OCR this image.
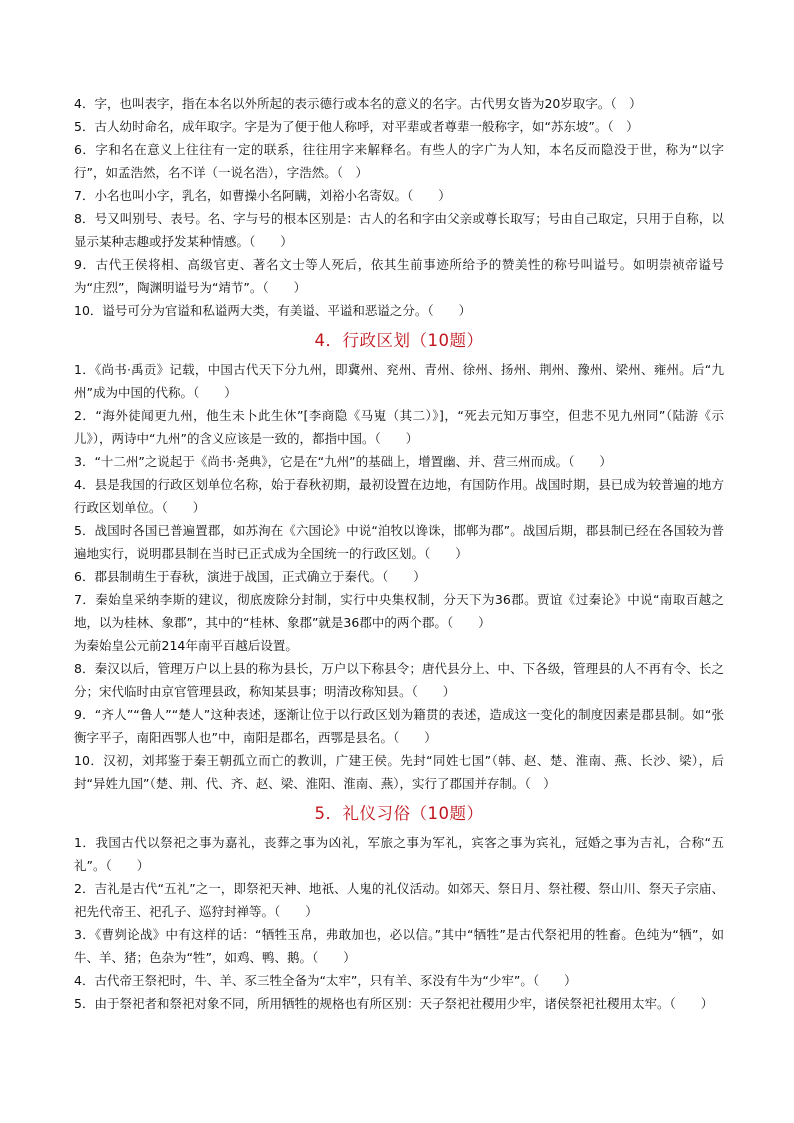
4．字，也叫表字，指在本名以外所起的表示德行或本名的意义的名字。古代男女皆为20岁取字。（　）

5．古人幼时命名，成年取字。字是为了便于他人称呼，对平辈或者尊辈一般称字，如“苏东坡”。（　）

6．字和名在意义上往往有一定的联系，往往用字来解释名。有些人的字广为人知，本名反而隐没于世，称为“以字行”，如孟浩然，名不详（一说名浩），字浩然。（　）

7．小名也叫小字，乳名，如曹操小名阿瞒，刘裕小名寄奴。（　　）

8．号又叫别号、表号。名、字与号的根本区别是：古人的名和字由父亲或尊长取写；号由自己取定，只用于自称，以显示某种志趣或抒发某种情感。（　　）

9．古代王侯将相、高级官吏、著名文士等人死后，依其生前事迹所给予的赞美性的称号叫谥号。如明崇祯帝谥号为“庄烈”，陶渊明谥号为“靖节”。（　　）

10．谥号可分为官谥和私谥两大类，有美谥、平谥和恶谥之分。（　　）

4．行政区划（10题）

1．《尚书·禹贡》记载，中国古代天下分九州，即冀州、兖州、青州、徐州、扬州、荆州、豫州、梁州、雍州。后“九州”成为中国的代称。（　　）

2．“海外徒闻更九州，他生未卜此生休”[李商隐《马嵬（其二）》]，“死去元知万事空，但悲不见九州同”（陆游《示儿》），两诗中“九州”的含义应该是一致的，都指中国。（　　）

3．“十二州”之说起于《尚书·尧典》，它是在“九州”的基础上，增置幽、并、营三州而成。（　　）

4．县是我国的行政区划单位名称，始于春秋初期，最初设置在边地，有国防作用。战国时期，县已成为较普遍的地方行政区划单位。（　　）

5．战国时各国已普遍置郡，如苏洵在《六国论》中说“洎牧以谗诛，邯郸为郡”。战国后期，郡县制已经在各国较为普遍地实行，说明郡县制在当时已正式成为全国统一的行政区划。（　　）

6．郡县制萌生于春秋，演进于战国，正式确立于秦代。（　　）

7．秦始皇采纳李斯的建议，彻底废除分封制，实行中央集权制，分天下为36郡。贾谊《过秦论》中说“南取百越之地，以为桂林、象郡”，其中的“桂林、象郡”就是36郡中的两个郡。（　　）

为秦始皇公元前214年南平百越后设置。

8．秦汉以后，管理万户以上县的称为县长，万户以下称县令；唐代县分上、中、下各级，管理县的人不再有令、长之分；宋代临时由京官管理县政，称知某县事；明清改称知县。（　　）

9．“齐人”“鲁人”“楚人”这种表述，逐渐让位于以行政区划为籍贯的表述，造成这一变化的制度因素是郡县制。如“张衡字平子，南阳西鄂人也”中，南阳是郡名，西鄂是县名。（　　）

10．汉初，刘邦鉴于秦王朝孤立而亡的教训，广建王侯。先封“同姓七国”（韩、赵、楚、淮南、燕、长沙、梁），后封“异姓九国”（楚、荆、代、齐、赵、梁、淮阳、淮南、燕），实行了郡国并存制。（　）

5．礼仪习俗（10题）

1．我国古代以祭祀之事为嘉礼，丧葬之事为凶礼，军旅之事为军礼，宾客之事为宾礼，冠婚之事为吉礼，合称“五礼”。（　　）

2．吉礼是古代“五礼”之一，即祭祀天神、地祇、人鬼的礼仪活动。如郊天、祭日月、祭社稷、祭山川、祭天子宗庙、祀先代帝王、祀孔子、巡狩封禅等。（　　）

3．《曹刿论战》中有这样的话：“牺牲玉帛，弗敢加也，必以信。”其中“牺牲”是古代祭祀用的牲畜。色纯为“牺”，如牛、羊、猪；色杂为“牲”，如鸡、鸭、鹅。（　　）

4．古代帝王祭祀时，牛、羊、豕三牲全备为“太牢”，只有羊、豕没有牛为“少牢”。（　　）

5．由于祭祀者和祭祀对象不同，所用牺牲的规格也有所区别：天子祭祀社稷用少牢，诸侯祭祀社稷用太牢。（　　）
